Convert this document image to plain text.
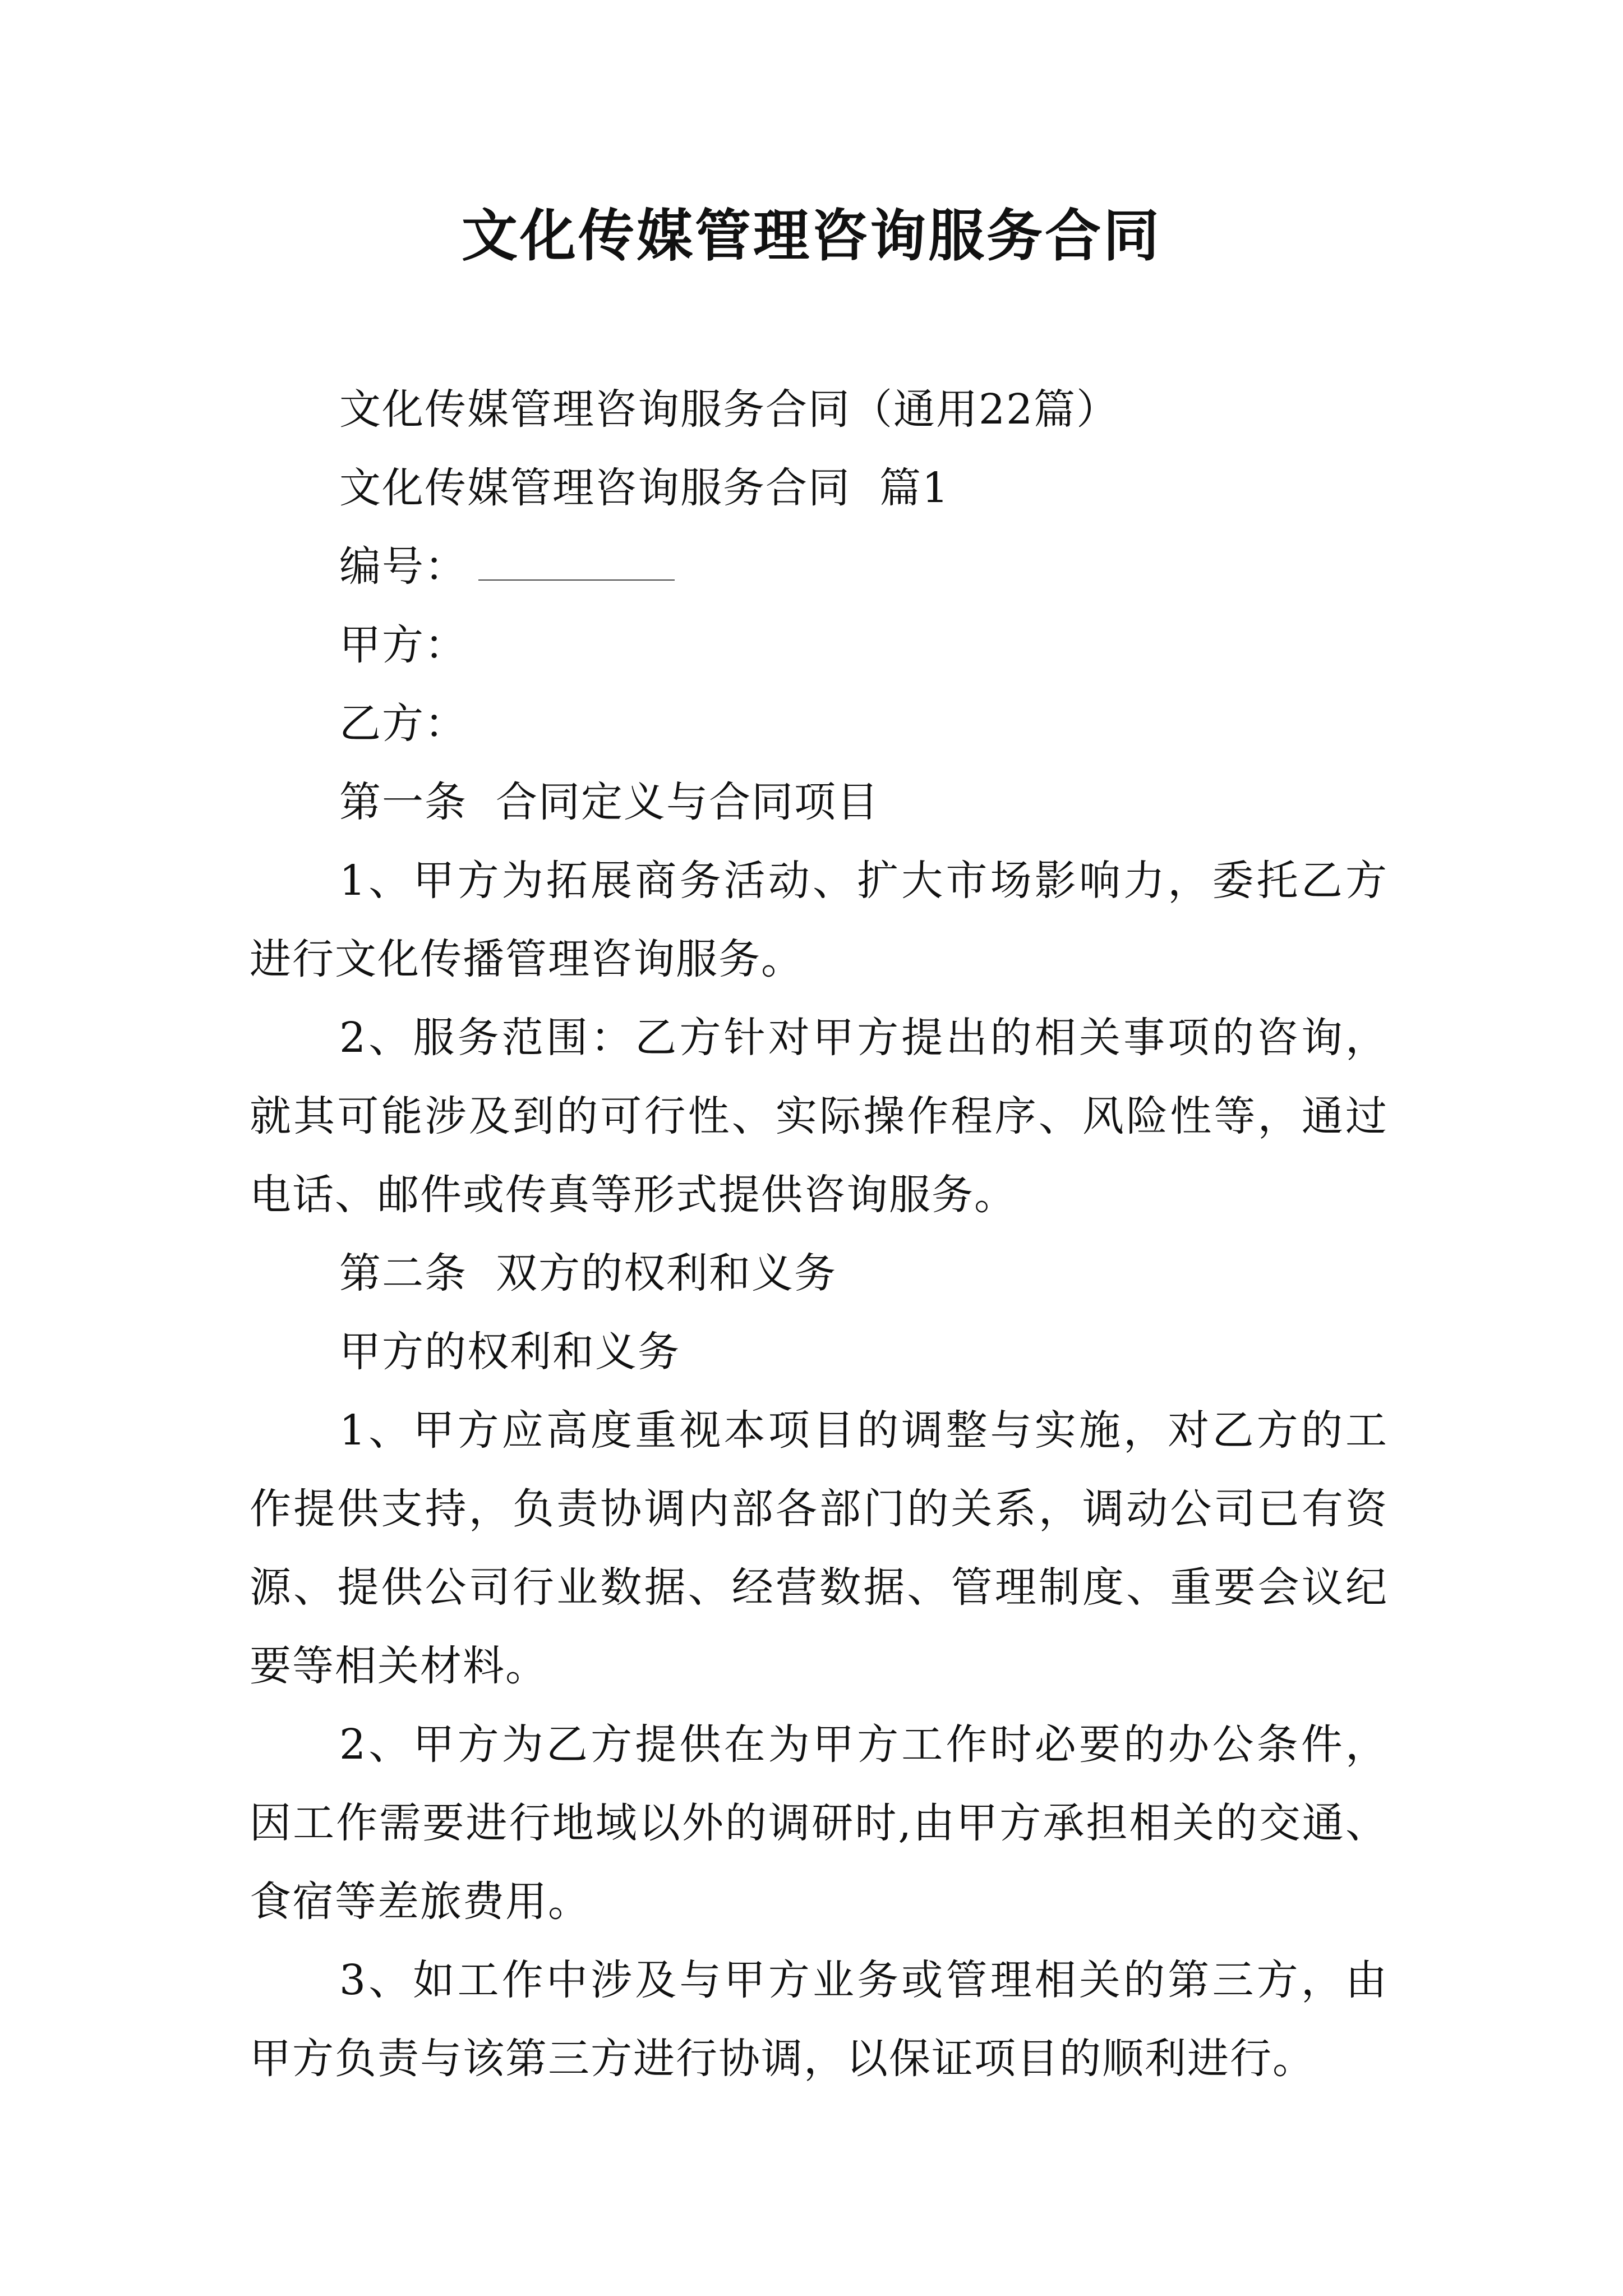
文化传媒管理咨询服务合同

文化传媒管理咨询服务合同（通用22篇）

文化传媒管理咨询服务合同  篇1

编号：

甲方：

乙方：

第一条  合同定义与合同项目

1、甲方为拓展商务活动、扩大市场影响力，委托乙方进行文化传播管理咨询服务。

2、服务范围：乙方针对甲方提出的相关事项的咨询，就其可能涉及到的可行性、实际操作程序、风险性等，通过电话、邮件或传真等形式提供咨询服务。

第二条  双方的权利和义务

甲方的权利和义务

1、甲方应高度重视本项目的调整与实施，对乙方的工作提供支持，负责协调内部各部门的关系，调动公司已有资源、提供公司行业数据、经营数据、管理制度、重要会议纪要等相关材料。

2、甲方为乙方提供在为甲方工作时必要的办公条件，因工作需要进行地域以外的调研时,由甲方承担相关的交通、食宿等差旅费用。

3、如工作中涉及与甲方业务或管理相关的第三方，由甲方负责与该第三方进行协调，以保证项目的顺利进行。
